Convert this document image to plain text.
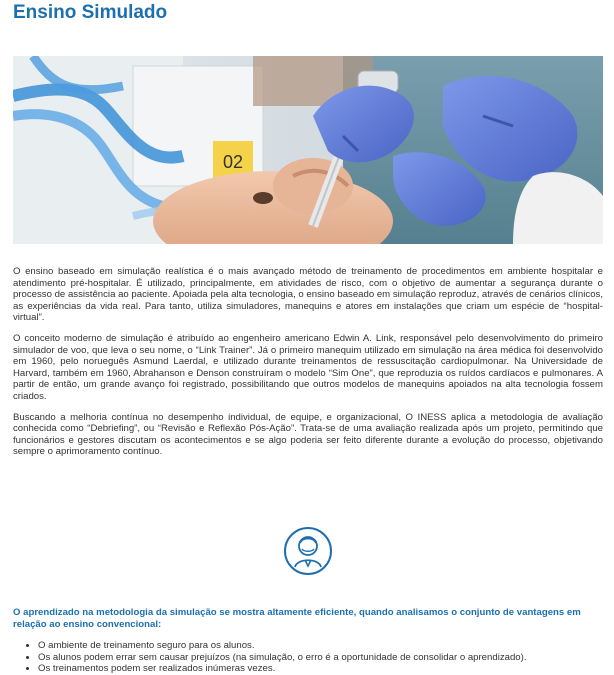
Ensino Simulado
02

O ensino baseado em simulação realística é o mais avançado método de treinamento de procedimentos em ambiente hospitalar e atendimento pré-hospitalar. É utilizado, principalmente, em atividades de risco, com o objetivo de aumentar a segurança durante o processo de assistência ao paciente. Apoiada pela alta tecnologia, o ensino baseado em simulação reproduz, através de cenários clínicos, as experiências da vida real. Para tanto, utiliza simuladores, manequins e atores em instalações que criam um espécie de “hospital-virtual”.

O conceito moderno de simulação é atribuído ao engenheiro americano Edwin A. Link, responsável pelo desenvolvimento do primeiro simulador de voo, que leva o seu nome, o “Link Trainer”. Já o primeiro manequim utilizado em simulação na área médica foi desenvolvido em 1960, pelo norueguês Asmund Laerdal, e utilizado durante treinamentos de ressuscitação cardiopulmonar. Na Universidade de Harvard, também em 1960, Abrahanson e Denson construíram o modelo “Sim One”, que reproduzia os ruídos cardíacos e pulmonares. A partir de então, um grande avanço foi registrado, possibilitando que outros modelos de manequins apoiados na alta tecnologia fossem criados.

Buscando a melhoria contínua no desempenho individual, de equipe, e organizacional, O INESS aplica a metodologia de avaliação conhecida como “Debriefing”, ou “Revisão e Reflexão Pós-Ação”. Trata-se de uma avaliação realizada após um projeto, permitindo que funcionários e gestores discutam os acontecimentos e se algo poderia ser feito diferente durante a evolução do processo, objetivando sempre o aprimoramento contínuo.

O aprendizado na metodologia da simulação se mostra altamente eficiente, quando analisamos o conjunto de vantagens em relação ao ensino convencional:

• O ambiente de treinamento seguro para os alunos.
• Os alunos podem errar sem causar prejuízos (na simulação, o erro é a oportunidade de consolidar o aprendizado).
• Os treinamentos podem ser realizados inúmeras vezes.
